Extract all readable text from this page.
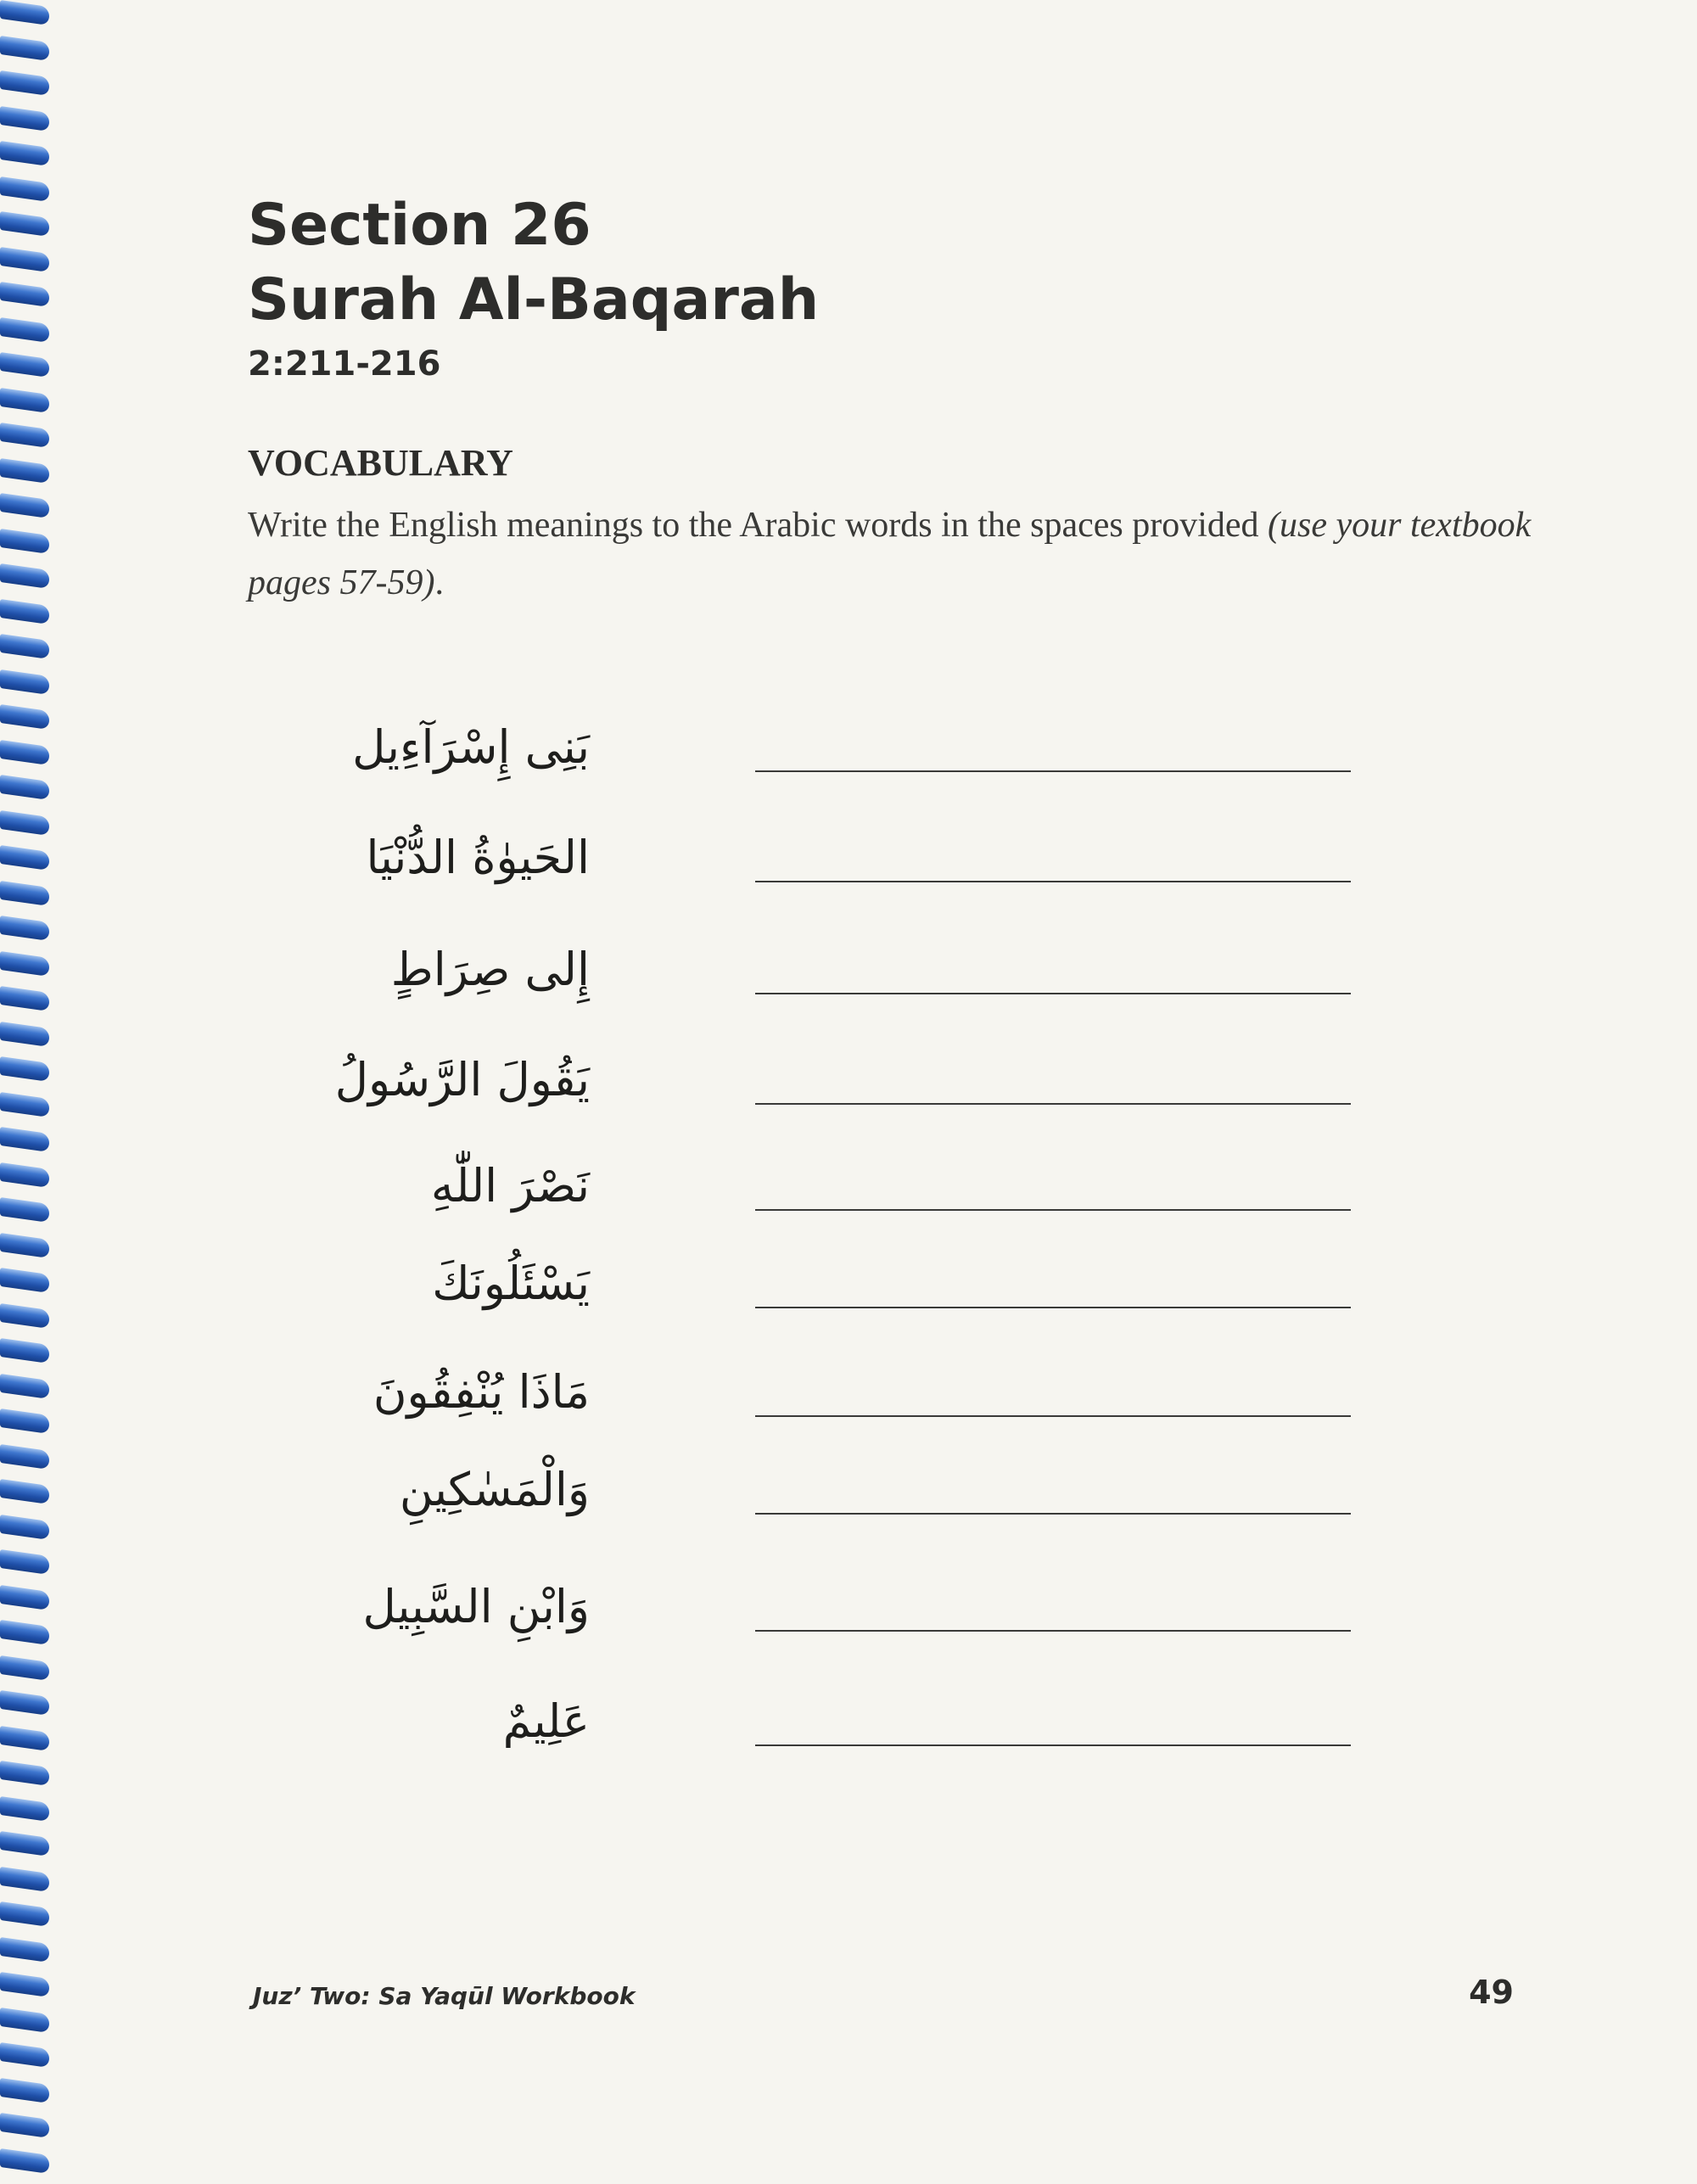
Section 26
Surah Al-Baqarah
2:211-216
VOCABULARY
Write the English meanings to the Arabic words in the spaces provided (use your textbook pages 57-59).
بَنِى إِسْرَآءِيل
الحَيوٰةُ الدُّنْيَا
إِلى صِرَاطٍ
يَقُولَ الرَّسُولُ
نَصْرَ اللّٰهِ
يَسْئَلُونَكَ
مَاذَا يُنْفِقُونَ
وَالْمَسٰكِينِ
وَابْنِ السَّبِيل
عَلِيمٌ
Juz’ Two: Sa Yaqūl Workbook	49
